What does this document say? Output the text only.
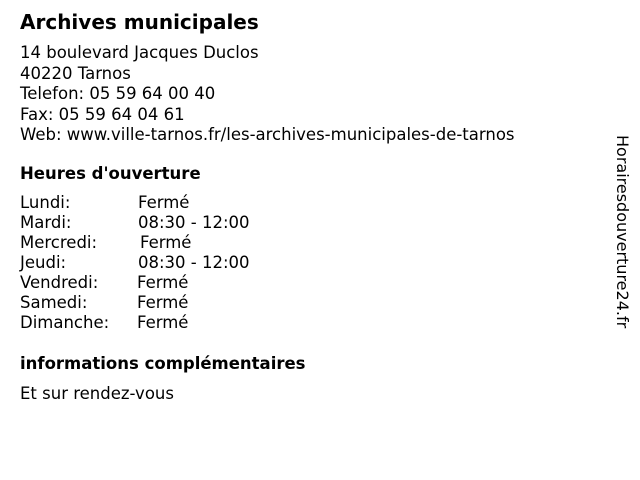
Archives municipales
14 boulevard Jacques Duclos
40220 Tarnos
Telefon: 05 59 64 00 40
Fax: 05 59 64 04 61
Web: www.ville-tarnos.fr/les-archives-municipales-de-tarnos
Heures d'ouverture
Lundi:	Fermé
Mardi:	08:30 - 12:00
Mercredi:	Fermé
Jeudi:	08:30 - 12:00
Vendredi: Fermé
Samedi:	Fermé
Dimanche: Fermé
informations complémentaires
Et sur rendez-vous
Horairesdouverture24.fr
